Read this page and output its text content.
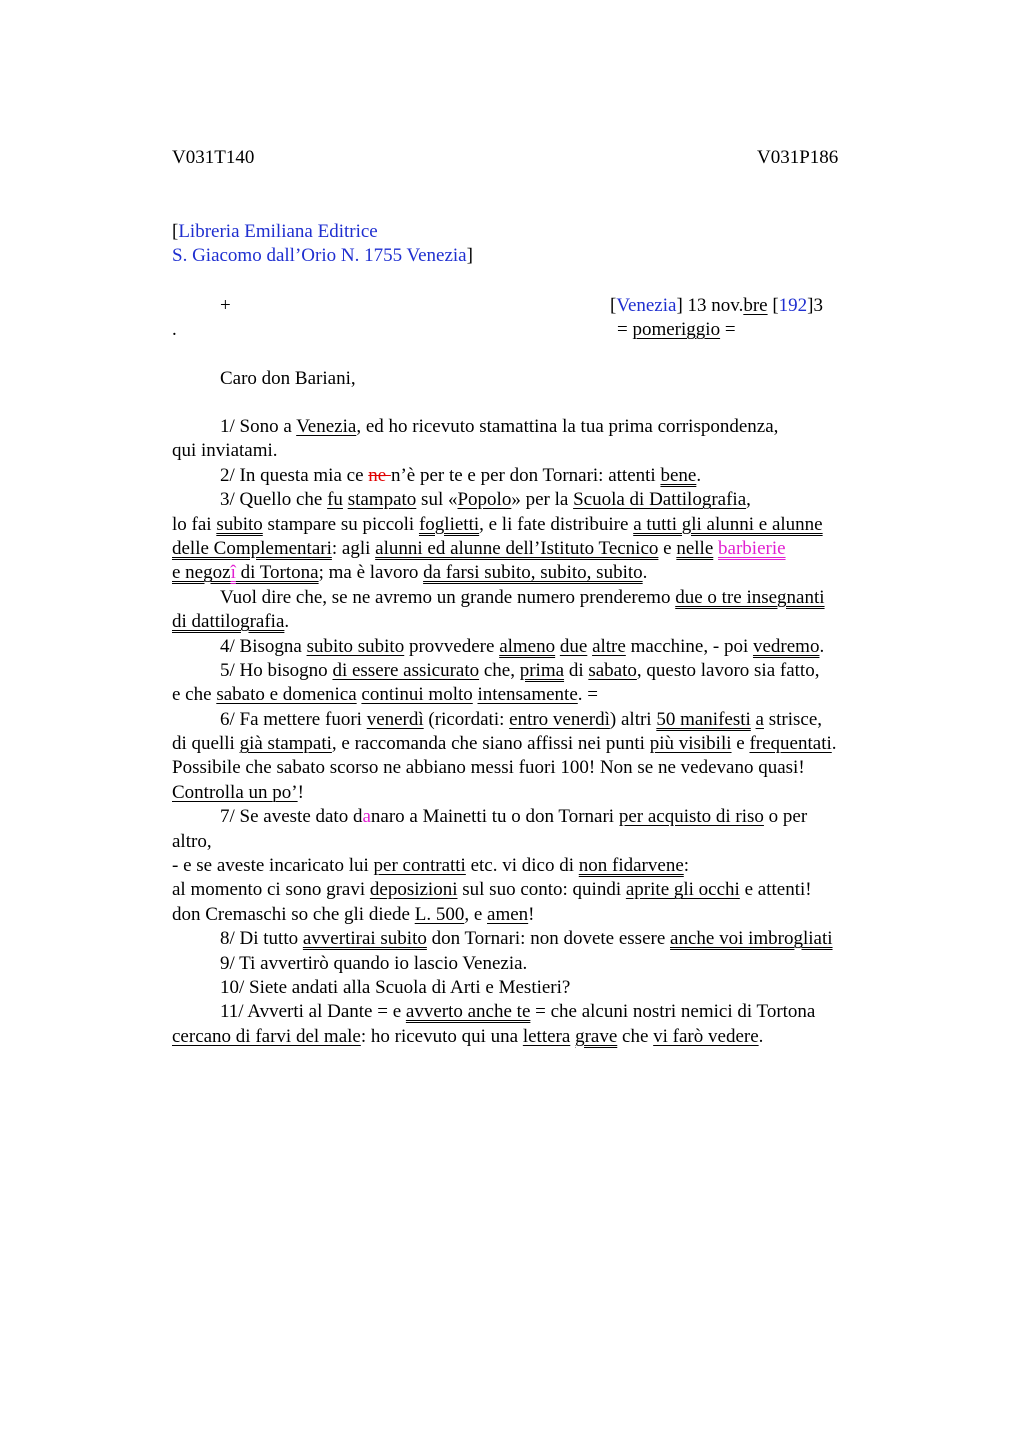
V031T140	V031P186
[Libreria Emiliana Editrice
S. Giacomo dall’Orio N. 1755 Venezia]
+
.
[Venezia] 13 nov.bre [192]3
= pomeriggio =
Caro don Bariani,
1/ Sono a Venezia, ed ho ricevuto stamattina la tua prima corrispondenza,
qui inviatami.
2/ In questa mia ce ne n’è per te e per don Tornari: attenti bene.
3/ Quello che fu stampato sul «Popolo» per la Scuola di Dattilografia,
lo fai subito stampare su piccoli foglietti, e li fate distribuire a tutti gli alunni e alunne
delle Complementari: agli alunni ed alunne dell’Istituto Tecnico e nelle barbierie
e negozî di Tortona; ma è lavoro da farsi subito, subito, subito.
Vuol dire che, se ne avremo un grande numero prenderemo due o tre insegnanti
di dattilografia.
4/ Bisogna subito subito provvedere almeno due altre macchine, - poi vedremo.
5/ Ho bisogno di essere assicurato che, prima di sabato, questo lavoro sia fatto,
e che sabato e domenica continui molto intensamente. =
6/ Fa mettere fuori venerdì (ricordati: entro venerdì) altri 50 manifesti a strisce,
di quelli già stampati, e raccomanda che siano affissi nei punti più visibili e frequentati.
Possibile che sabato scorso ne abbiano messi fuori 100! Non se ne vedevano quasi!
Controlla un po’!
7/ Se aveste dato danaro a Mainetti tu o don Tornari per acquisto di riso o per
altro,
- e se aveste incaricato lui per contratti etc. vi dico di non fidarvene:
al momento ci sono gravi deposizioni sul suo conto: quindi aprite gli occhi e attenti!
don Cremaschi so che gli diede L. 500, e amen!
8/ Di tutto avvertirai subito don Tornari: non dovete essere anche voi imbrogliati
9/ Ti avvertirò quando io lascio Venezia.
10/ Siete andati alla Scuola di Arti e Mestieri?
11/ Avverti al Dante = e avverto anche te = che alcuni nostri nemici di Tortona
cercano di farvi del male: ho ricevuto qui una lettera grave che vi farò vedere.
